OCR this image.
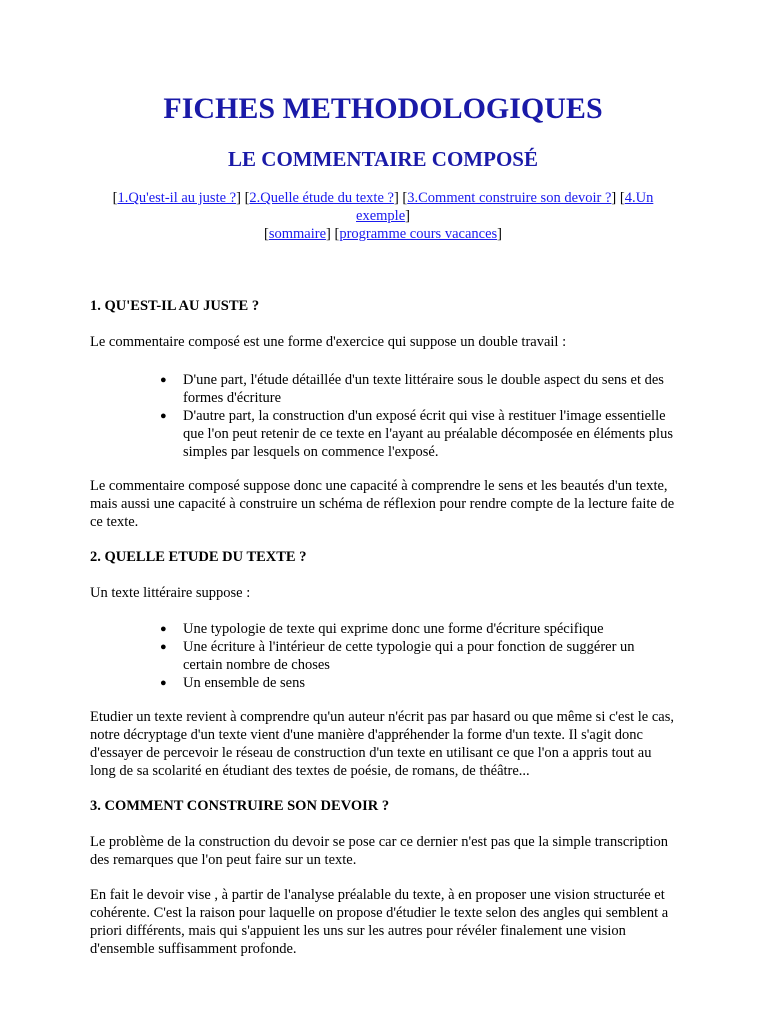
FICHES METHODOLOGIQUES
LE COMMENTAIRE COMPOSÉ
[1.Qu'est-il au juste ?] [2.Quelle étude du texte ?] [3.Comment construire son devoir ?] [4.Un exemple]
[sommaire] [programme cours vacances]
1. QU'EST-IL AU JUSTE ?

Le commentaire composé est une forme d'exercice qui suppose un double travail :

● D'une part, l'étude détaillée d'un texte littéraire sous le double aspect du sens et des formes d'écriture
● D'autre part, la construction d'un exposé écrit qui vise à restituer l'image essentielle que l'on peut retenir de ce texte en l'ayant au préalable décomposée en éléments plus simples par lesquels on commence l'exposé.

Le commentaire composé suppose donc une capacité à comprendre le sens et les beautés d'un texte, mais aussi une capacité à construire un schéma de réflexion pour rendre compte de la lecture faite de ce texte.

2. QUELLE ETUDE DU TEXTE ?

Un texte littéraire suppose :

● Une typologie de texte qui exprime donc une forme d'écriture spécifique
● Une écriture à l'intérieur de cette typologie qui a pour fonction de suggérer un certain nombre de choses
● Un ensemble de sens

Etudier un texte revient à comprendre qu'un auteur n'écrit pas par hasard ou que même si c'est le cas, notre décryptage d'un texte vient d'une manière d'appréhender la forme d'un texte. Il s'agit donc d'essayer de percevoir le réseau de construction d'un texte en utilisant ce que l'on a appris tout au long de sa scolarité en étudiant des textes de poésie, de romans, de théâtre...

3. COMMENT CONSTRUIRE SON DEVOIR ?

Le problème de la construction du devoir se pose car ce dernier n'est pas que la simple transcription des remarques que l'on peut faire sur un texte.

En fait le devoir vise , à partir de l'analyse préalable du texte, à en proposer une vision structurée et cohérente. C'est la raison pour laquelle on propose d'étudier le texte selon des angles qui semblent a priori différents, mais qui s'appuient les uns sur les autres pour révéler finalement une vision d'ensemble suffisamment profonde.
